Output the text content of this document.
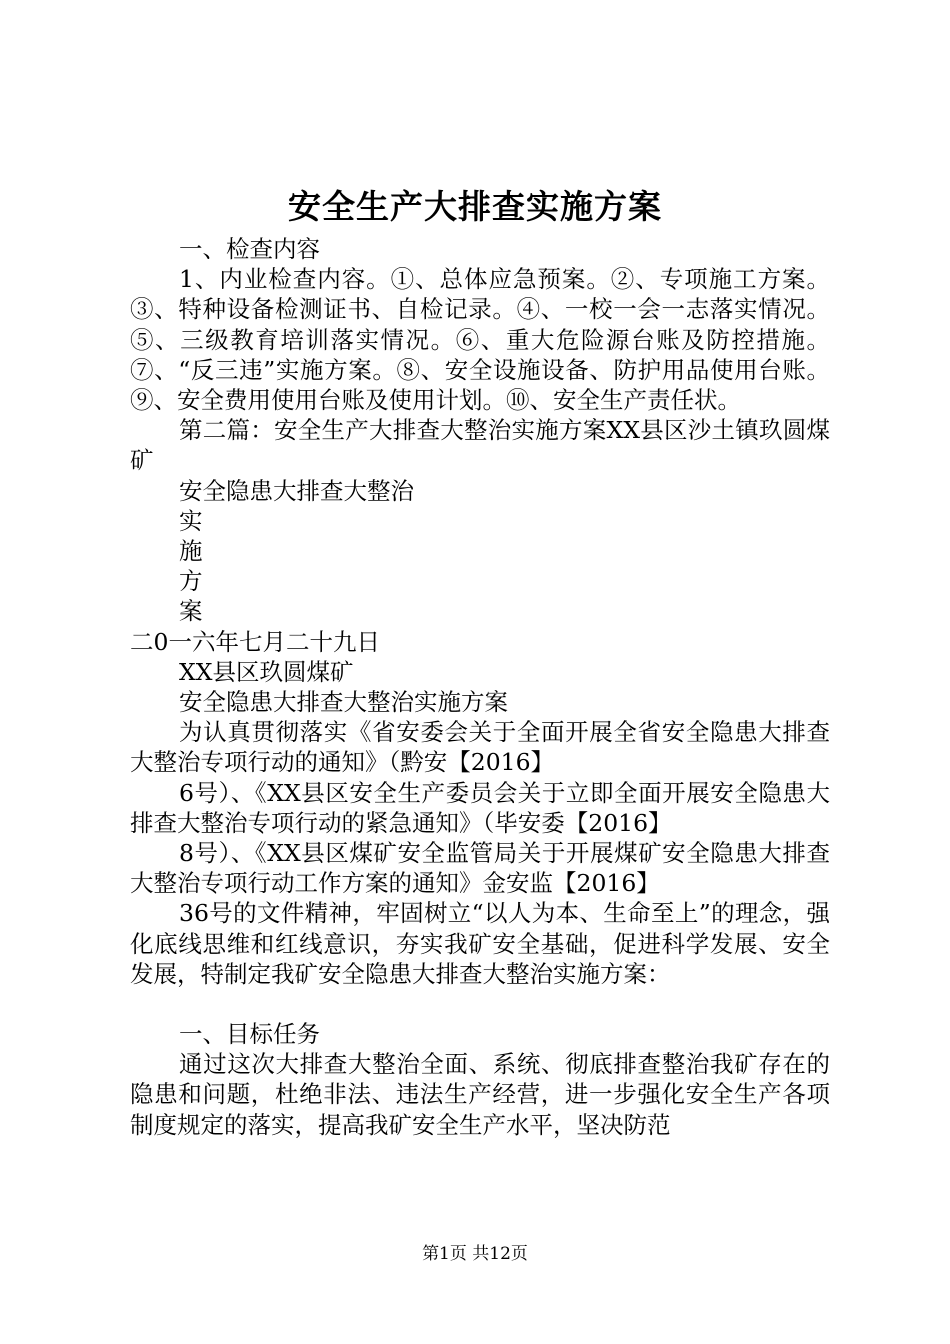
安全生产大排查实施方案

一、检查内容

1、内业检查内容。①、总体应急预案。②、专项施工方案。③、特种设备检测证书、自检记录。④、一校一会一志落实情况。⑤、三级教育培训落实情况。⑥、重大危险源台账及防控措施。⑦、“反三违”实施方案。⑧、安全设施设备、防护用品使用台账。⑨、安全费用使用台账及使用计划。⑩、安全生产责任状。

第二篇：安全生产大排查大整治实施方案XX县区沙土镇玖圆煤矿

安全隐患大排查大整治

实

施

方

案

二0一六年七月二十九日

XX县区玖圆煤矿

安全隐患大排查大整治实施方案

为认真贯彻落实《省安委会关于全面开展全省安全隐患大排查大整治专项行动的通知》（黔安【2016】

6号）、《XX县区安全生产委员会关于立即全面开展安全隐患大排查大整治专项行动的紧急通知》（毕安委【2016】

8号）、《XX县区煤矿安全监管局关于开展煤矿安全隐患大排查大整治专项行动工作方案的通知》金安监【2016】

36号的文件精神，牢固树立“以人为本、生命至上”的理念，强化底线思维和红线意识，夯实我矿安全基础，促进科学发展、安全发展，特制定我矿安全隐患大排查大整治实施方案：

一、目标任务

通过这次大排查大整治全面、系统、彻底排查整治我矿存在的隐患和问题，杜绝非法、违法生产经营，进一步强化安全生产各项制度规定的落实，提高我矿安全生产水平，坚决防范

第1页 共12页
